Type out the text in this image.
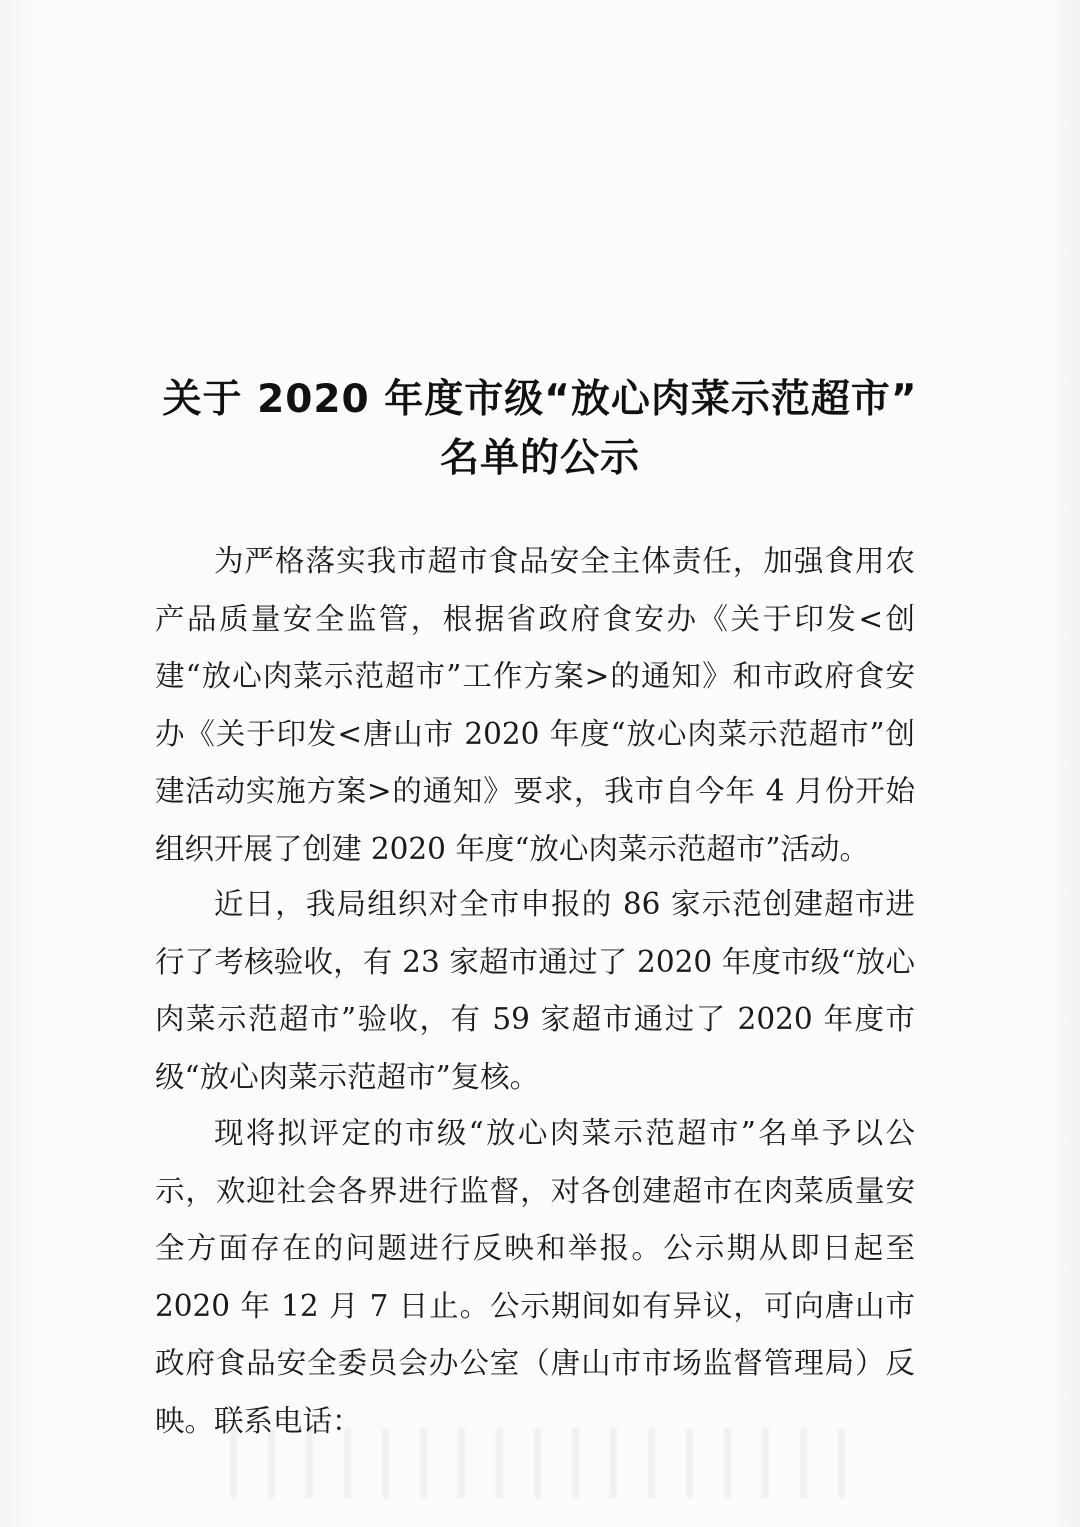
关于 2020 年度市级“放心肉菜示范超市”
名单的公示
为严格落实我市超市食品安全主体责任，加强食用农产品质量安全监管，根据省政府食安办《关于印发<创建“放心肉菜示范超市”工作方案>的通知》和市政府食安办《关于印发<唐山市 2020 年度“放心肉菜示范超市”创建活动实施方案>的通知》要求，我市自今年 4 月份开始组织开展了创建 2020 年度“放心肉菜示范超市”活动。
近日，我局组织对全市申报的 86 家示范创建超市进行了考核验收，有 23 家超市通过了 2020 年度市级“放心肉菜示范超市”验收，有 59 家超市通过了 2020 年度市级“放心肉菜示范超市”复核。
现将拟评定的市级“放心肉菜示范超市”名单予以公示，欢迎社会各界进行监督，对各创建超市在肉菜质量安全方面存在的问题进行反映和举报。公示期从即日起至 2020 年 12 月 7 日止。公示期间如有异议，可向唐山市政府食品安全委员会办公室（唐山市市场监督管理局）反映。联系电话：
